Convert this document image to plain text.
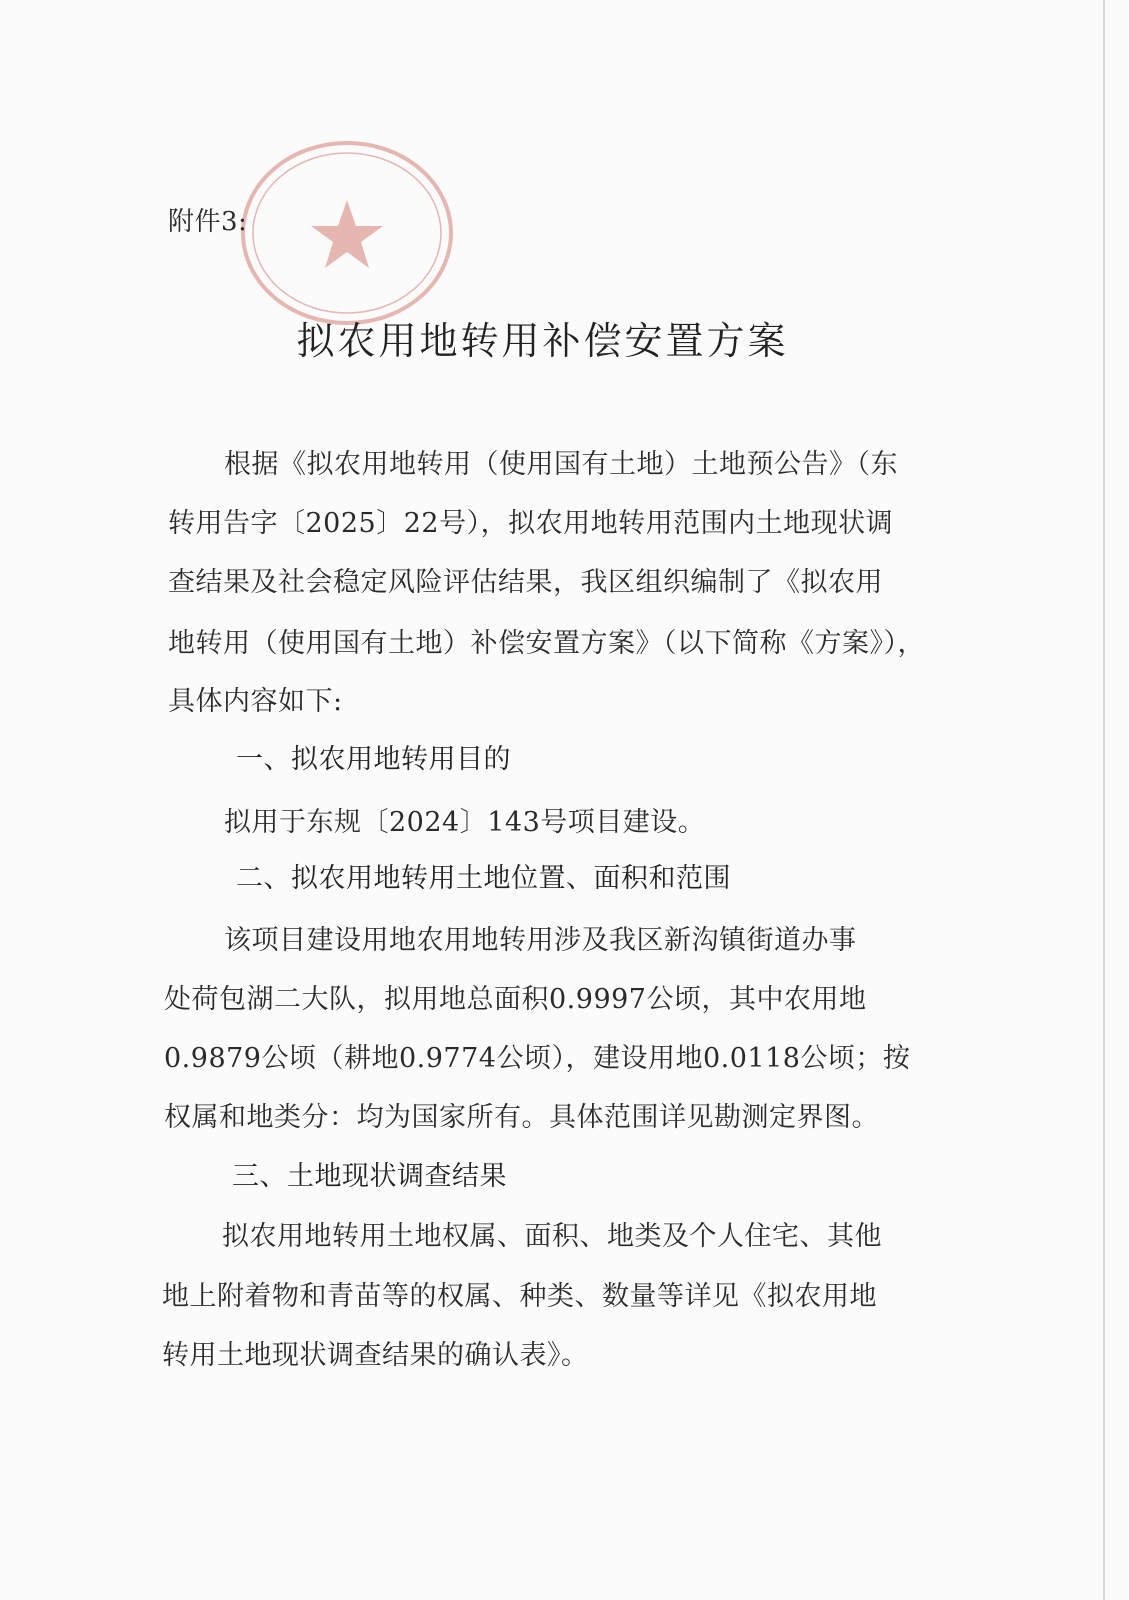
附件3:
拟农用地转用补偿安置方案
根据《拟农用地转用（使用国有土地）土地预公告》（东
转用告字〔2025〕22号），拟农用地转用范围内土地现状调
查结果及社会稳定风险评估结果，我区组织编制了《拟农用
地转用（使用国有土地）补偿安置方案》（以下简称《方案》），
具体内容如下:
一、拟农用地转用目的
拟用于东规〔2024〕143号项目建设。
二、拟农用地转用土地位置、面积和范围
该项目建设用地农用地转用涉及我区新沟镇街道办事
处荷包湖二大队，拟用地总面积0.9997公顷，其中农用地
0.9879公顷（耕地0.9774公顷），建设用地0.0118公顷；按
权属和地类分：均为国家所有。具体范围详见勘测定界图。
三、土地现状调查结果
拟农用地转用土地权属、面积、地类及个人住宅、其他
地上附着物和青苗等的权属、种类、数量等详见《拟农用地
转用土地现状调查结果的确认表》。
